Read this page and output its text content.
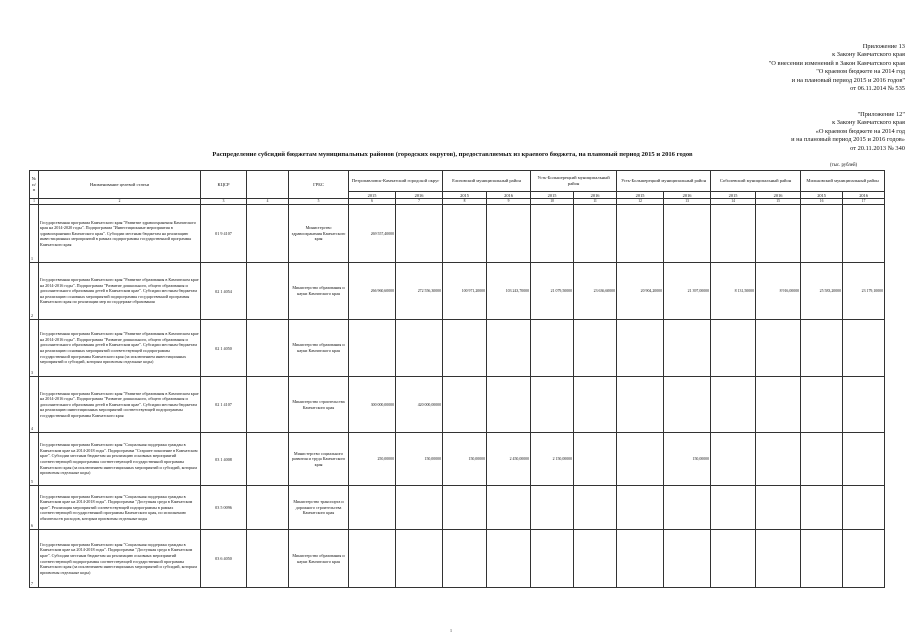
Приложение 13
к Закону Камчатского края
"О внесении изменений в Закон Камчатского края
"О краевом бюджете на 2014 год
и на плановый период 2015 и 2016 годов"
от 06.11.2014 № 535
"Приложение 12"
к Закону Камчатского края
«О краевом бюджете на 2014 год
и на плановый период 2015 и 2016 годов»
от 20.11.2013 № 340
Распределение субсидий бюджетам муниципальных районов (городских округов), предоставляемых из краевого бюджета, на плановый период 2015 и 2016 годов
(тыс. рублей)
№ п/п	Наименование целевой статьи	КЦСР		ГРБС	Петропавловск-Камчатский городской округ		Елизовский муниципальный район		Усть-Большерецкий муниципальный район		Усть-Большерецкий муниципальный район		Соболевский муниципальный район		Мильковский муниципальный район	
					2015	2016	2015	2016	2015	2016	2015	2016	2015	2016	2015	2016
1	2	3	4	5	6	7	8	9	10	11	12	13	14	15	16	17
1	Государственная программа Камчатского края "Развитие здравоохранения Камчатского края на 2014-2020 годы". Подпрограмма "Инвестиционные мероприятия в здравоохранении Камчатского края". Субсидии местным бюджетам на реализацию инвестиционных мероприятий в рамках подпрограммы государственной программы Камчатского края	01 9 4107		Министерство здравоохранения Камчатского края	269 557,40000											
2	Государственная программа Камчатского края "Развитие образования в Камчатском крае на 2014-2016 годы". Подпрограмма "Развитие дошкольного, общего образования и дополнительного образования детей в Камчатском крае". Субсидии местным бюджетам на реализацию основных мероприятий подпрограммы государственной программы Камчатского края по реализации мер по поддержке образования	02 1 4054		Министерство образования и науки Камчатского края	266 960,60000	272 556,30000	100 971,20000	103 243,70000	21 079,50000	23 636,60000	20 904,20000	21 397,00000	8 131,50000	8 916,00000	25 583,20000	23 179,10000
3	Государственная программа Камчатского края "Развитие образования в Камчатском крае на 2014-2016 годы". Подпрограмма "Развитие дошкольного, общего образования и дополнительного образования детей в Камчатском крае". Субсидии местным бюджетам на реализацию основных мероприятий соответствующей подпрограммы государственной программы Камчатского края (за исключением инвестиционных мероприятий и субсидий, которым присвоены отдельные коды)	02 1 4050		Министерство образования и науки Камчатского края												
4	Государственная программа Камчатского края "Развитие образования в Камчатском крае на 2014-2016 годы". Подпрограмма "Развитие дошкольного, общего образования и дополнительного образования детей в Камчатском крае". Субсидии местным бюджетам на реализацию инвестиционных мероприятий соответствующей подпрограммы государственной программы Камчатского края	02 1 4107		Министерство строительства Камчатского края	300 000,00000	420 000,00000										
5	Государственная программа Камчатского края "Социальная поддержка граждан в Камчатском крае на 2014-2018 годы". Подпрограмма "Старшее поколение в Камчатском крае". Субсидии местным бюджетам на реализацию основных мероприятий соответствующей подпрограммы соответствующей государственной программы Камчатского края (за исключением инвестиционных мероприятий и субсидий, которым присвоены отдельные коды)	03 1 4008		Министерство социального развития и труда Камчатского края	250,00000	150,00000	150,00000	2 450,00000	2 150,00000			150,00000				
6	Государственная программа Камчатского края "Социальная поддержка граждан в Камчатском крае на 2014-2018 годы". Подпрограмма "Доступная среда в Камчатском крае". Реализация мероприятий соответствующей подпрограммы в рамках соответствующей государственной программы Камчатского края, по исполнению обязательств расходов, которым присвоены отдельные коды	03 5 0096		Министерство транспорта и дорожного строительства Камчатского края												
7	Государственная программа Камчатского края "Социальная поддержка граждан в Камчатском крае на 2014-2018 годы". Подпрограмма "Доступная среда в Камчатском крае". Субсидии местным бюджетам на реализацию основных мероприятий соответствующей подпрограммы соответствующей государственной программы Камчатского края (за исключением инвестиционных мероприятий и субсидий, которым присвоены отдельные коды)	03 6 4050		Министерство образования и науки Камчатского края												
1
